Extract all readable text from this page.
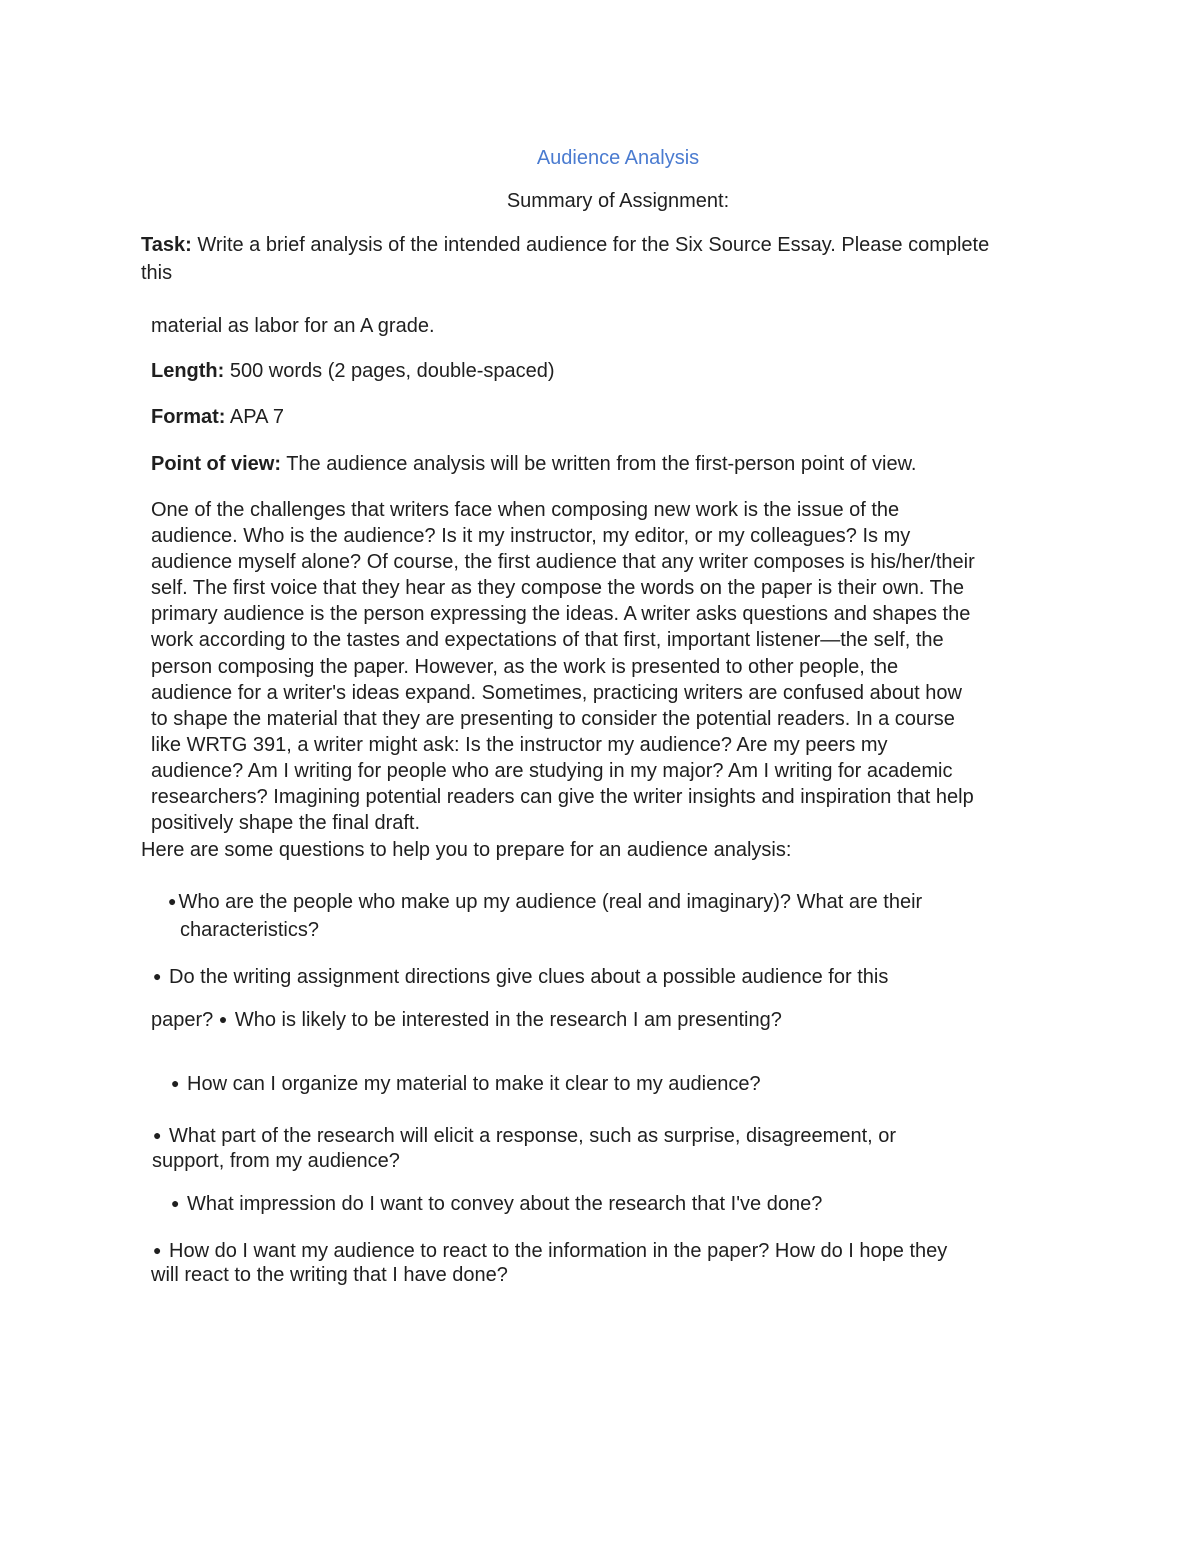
Audience Analysis
Summary of Assignment:
Task: Write a brief analysis of the intended audience for the Six Source Essay. Please complete
this
material as labor for an A grade.
Length: 500 words (2 pages, double-spaced)
Format: APA 7
Point of view: The audience analysis will be written from the first-person point of view.
One of the challenges that writers face when composing new work is the issue of the
audience. Who is the audience? Is it my instructor, my editor, or my colleagues? Is my
audience myself alone? Of course, the first audience that any writer composes is his/her/their
self. The first voice that they hear as they compose the words on the paper is their own. The
primary audience is the person expressing the ideas. A writer asks questions and shapes the
work according to the tastes and expectations of that first, important listener—the self, the
person composing the paper. However, as the work is presented to other people, the
audience for a writer's ideas expand. Sometimes, practicing writers are confused about how
to shape the material that they are presenting to consider the potential readers. In a course
like WRTG 391, a writer might ask: Is the instructor my audience? Are my peers my
audience? Am I writing for people who are studying in my major? Am I writing for academic
researchers? Imagining potential readers can give the writer insights and inspiration that help
positively shape the final draft.
Here are some questions to help you to prepare for an audience analysis:
● Who are the people who make up my audience (real and imaginary)? What are their
characteristics?
● Do the writing assignment directions give clues about a possible audience for this
paper? ● Who is likely to be interested in the research I am presenting?
● How can I organize my material to make it clear to my audience?
● What part of the research will elicit a response, such as surprise, disagreement, or
support, from my audience?
● What impression do I want to convey about the research that I've done?
● How do I want my audience to react to the information in the paper? How do I hope they
will react to the writing that I have done?
